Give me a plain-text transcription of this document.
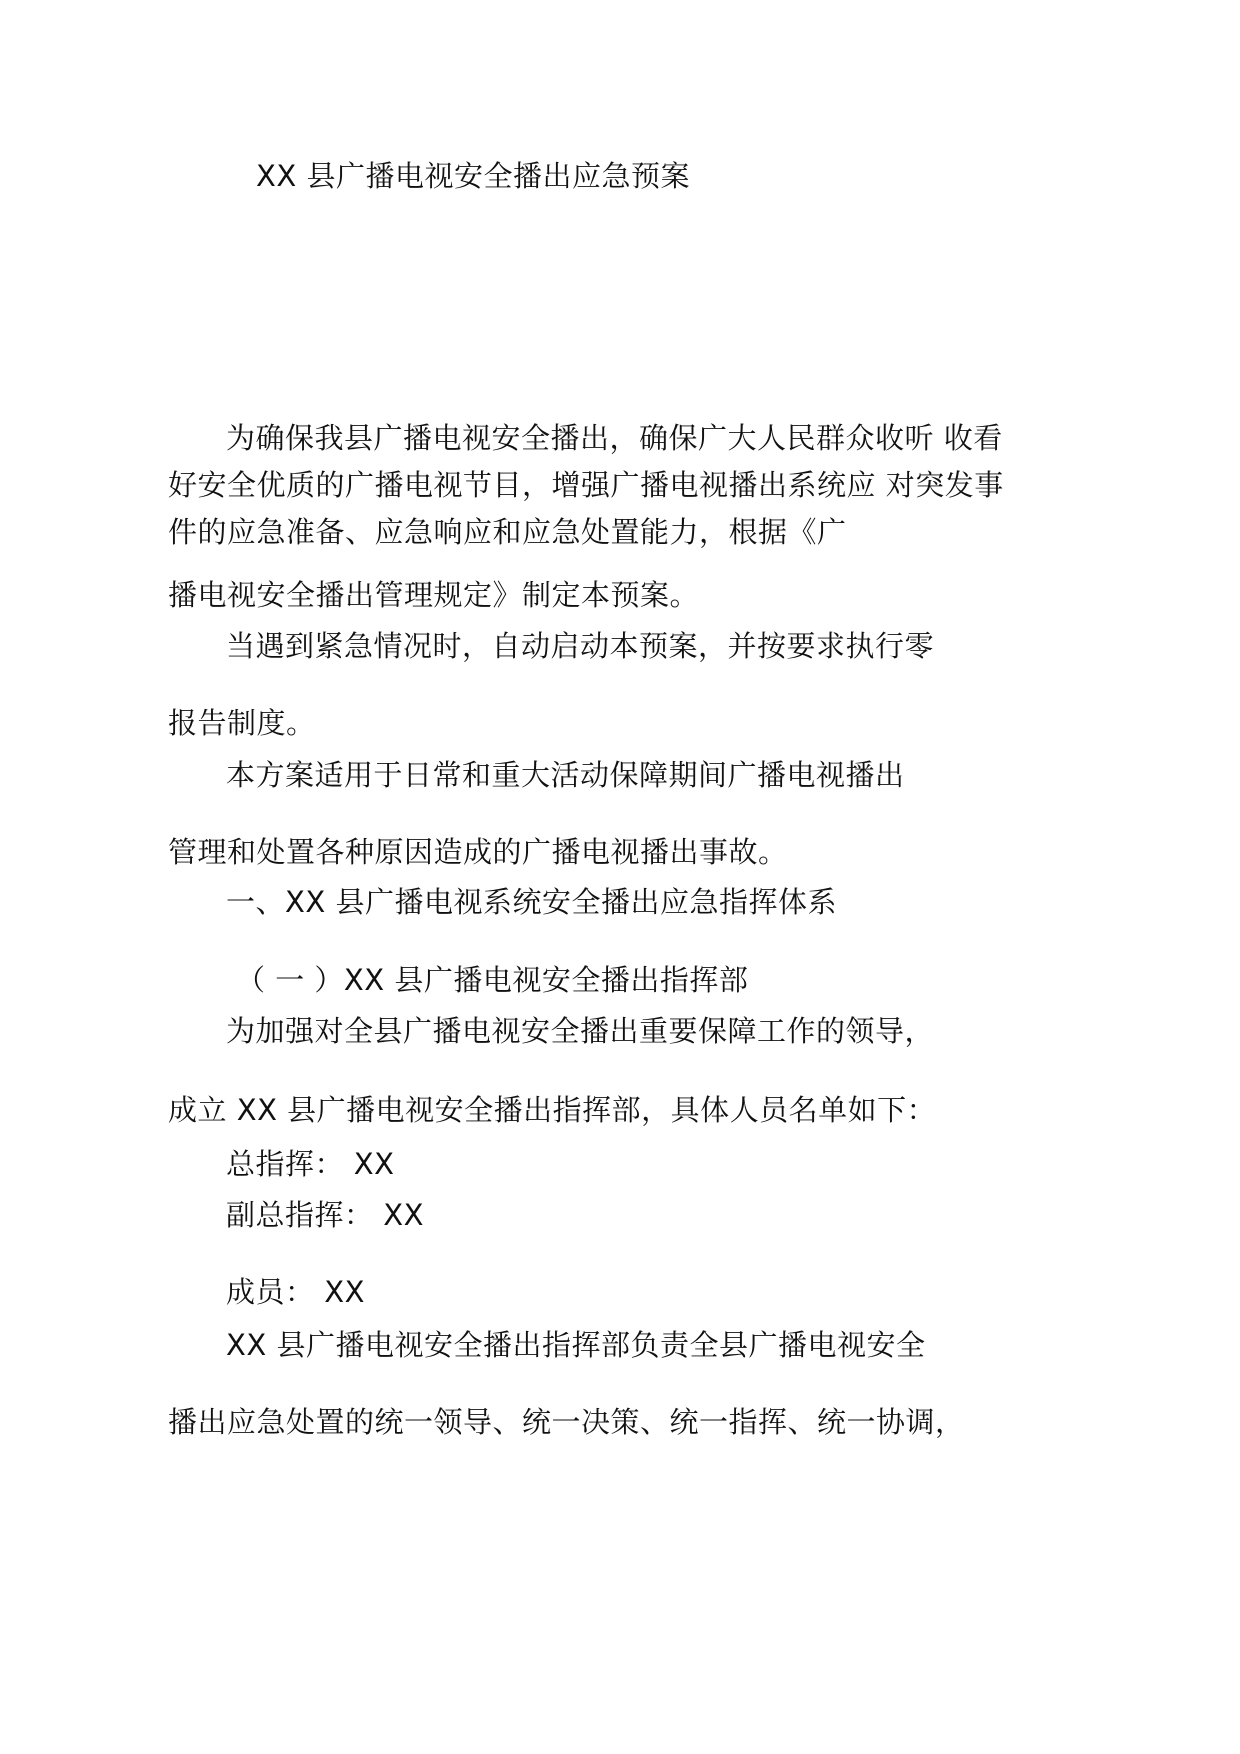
XX 县广播电视安全播出应急预案

为确保我县广播电视安全播出，确保广大人民群众收听 收看

好安全优质的广播电视节目，增强广播电视播出系统应 对突发事

件的应急准备、应急响应和应急处置能力，根据《广

播电视安全播出管理规定》制定本预案。

当遇到紧急情况时，自动启动本预案，并按要求执行零

报告制度。

本方案适用于日常和重大活动保障期间广播电视播出

管理和处置各种原因造成的广播电视播出事故。

一、XX 县广播电视系统安全播出应急指挥体系

（ 一 ）XX 县广播电视安全播出指挥部

为加强对全县广播电视安全播出重要保障工作的领导，

成立 XX 县广播电视安全播出指挥部，具体人员名单如下：

总指挥： XX

副总指挥： XX

成员： XX

XX 县广播电视安全播出指挥部负责全县广播电视安全

播出应急处置的统一领导、统一决策、统一指挥、统一协调，
